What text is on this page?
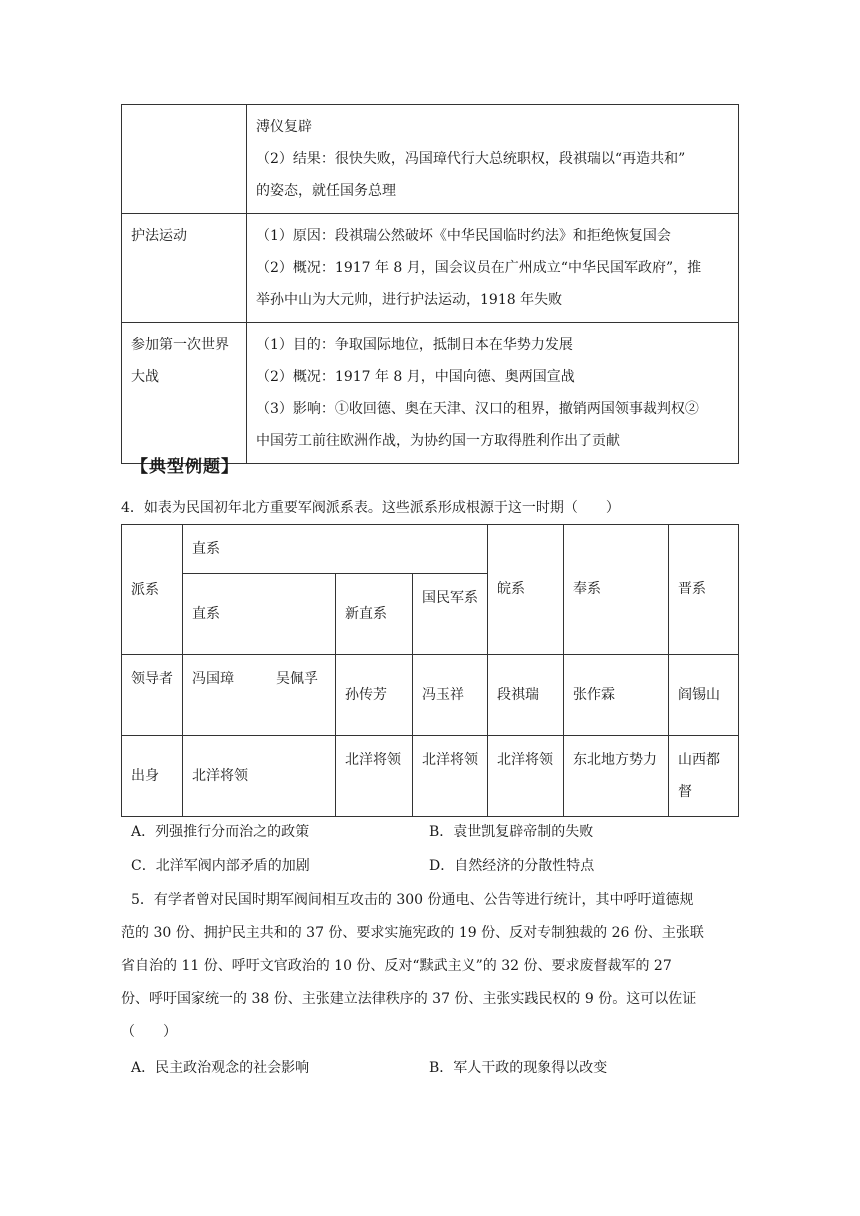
	溥仪复辟
（2）结果：很快失败，冯国璋代行大总统职权，段祺瑞以“再造共和”
的姿态，就任国务总理

护法运动	（1）原因：段祺瑞公然破坏《中华民国临时约法》和拒绝恢复国会
（2）概况：1917 年 8 月，国会议员在广州成立“中华民国军政府”，推
举孙中山为大元帅，进行护法运动，1918 年失败

参加第一次世界大战	（1）目的：争取国际地位，抵制日本在华势力发展
（2）概况：1917 年 8 月，中国向德、奥两国宣战
（3）影响：①收回德、奥在天津、汉口的租界，撤销两国领事裁判权②
中国劳工前往欧洲作战，为协约国一方取得胜利作出了贡献
【典型例题】
4．如表为民国初年北方重要军阀派系表。这些派系形成根源于这一时期（　　）
派系	直系			皖系	奉系	晋系
	直系	新直系	国民军系			
领导者	冯国璋　　　吴佩孚	孙传芳	冯玉祥	段祺瑞	张作霖	阎锡山
出身	北洋将领	北洋将领	北洋将领	北洋将领	东北地方势力	山西都督
A．列强推行分而治之的政策	B．袁世凯复辟帝制的失败
C．北洋军阀内部矛盾的加剧	D．自然经济的分散性特点
5．有学者曾对民国时期军阀间相互攻击的 300 份通电、公告等进行统计，其中呼吁道德规
范的 30 份、拥护民主共和的 37 份、要求实施宪政的 19 份、反对专制独裁的 26 份、主张联
省自治的 11 份、呼吁文官政治的 10 份、反对“黩武主义”的 32 份、要求废督裁军的 27
份、呼吁国家统一的 38 份、主张建立法律秩序的 37 份、主张实践民权的 9 份。这可以佐证
（　　）
A．民主政治观念的社会影响	B．军人干政的现象得以改变
